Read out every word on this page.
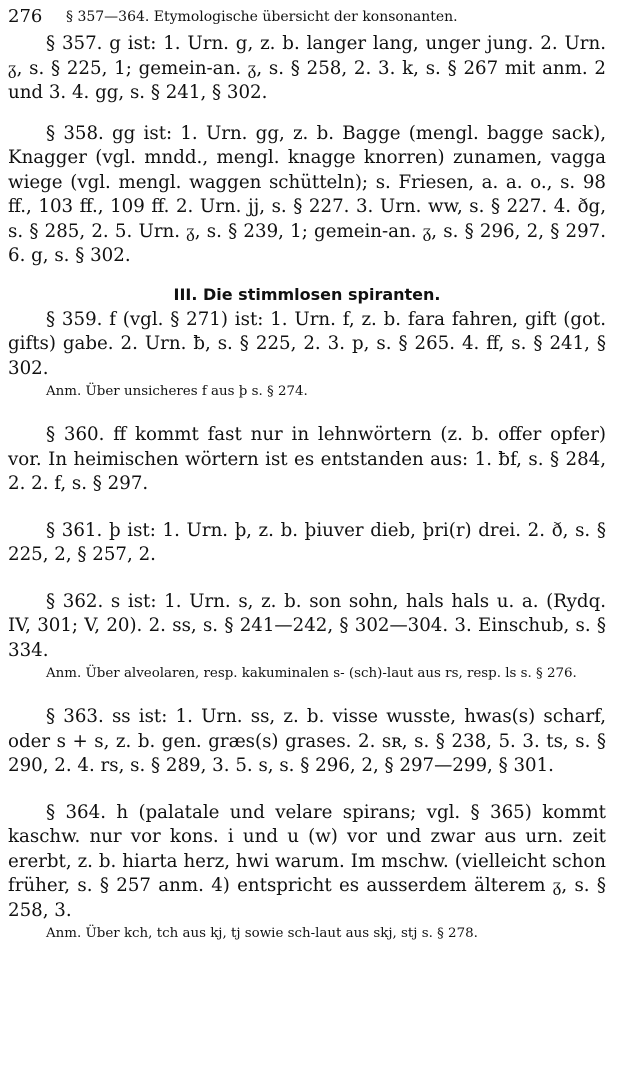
276 § 357—364. Etymologische übersicht der konsonanten.

§ 357. g ist: 1. Urn. g, z. b. langer lang, unger jung. 2. Urn. ᵹ, s. § 225, 1; gemein-an. ᵹ, s. § 258, 2. 3. k, s. § 267 mit anm. 2 und 3. 4. gg, s. § 241, § 302.

§ 358. gg ist: 1. Urn. gg, z. b. Bagge (mengl. bagge sack), Knagger (vgl. mndd., mengl. knagge knorren) zunamen, vagga wiege (vgl. mengl. waggen schütteln); s. Friesen, a. a. o., s. 98 ff., 103 ff., 109 ff. 2. Urn. jj, s. § 227. 3. Urn. ww, s. § 227. 4. ðg, s. § 285, 2. 5. Urn. ᵹ, s. § 239, 1; gemein-an. ᵹ, s. § 296, 2, § 297. 6. g, s. § 302.

III. Die stimmlosen spiranten.

§ 359. f (vgl. § 271) ist: 1. Urn. f, z. b. fara fahren, gift (got. gifts) gabe. 2. Urn. ƀ, s. § 225, 2. 3. p, s. § 265. 4. ff, s. § 241, § 302.

Anm. Über unsicheres f aus þ s. § 274.

§ 360. ff kommt fast nur in lehnwörtern (z. b. offer opfer) vor. In heimischen wörtern ist es entstanden aus: 1. ƀf, s. § 284, 2. 2. f, s. § 297.

§ 361. þ ist: 1. Urn. þ, z. b. þiuver dieb, þri(r) drei. 2. ð, s. § 225, 2, § 257, 2.

§ 362. s ist: 1. Urn. s, z. b. son sohn, hals hals u. a. (Rydq. IV, 301; V, 20). 2. ss, s. § 241—242, § 302—304. 3. Einschub, s. § 334.

Anm. Über alveolaren, resp. kakuminalen s- (sch)-laut aus rs, resp. ls s. § 276.

§ 363. ss ist: 1. Urn. ss, z. b. visse wusste, hwas(s) scharf, oder s + s, z. b. gen. græs(s) grases. 2. sʀ, s. § 238, 5. 3. ts, s. § 290, 2. 4. rs, s. § 289, 3. 5. s, s. § 296, 2, § 297—299, § 301.

§ 364. h (palatale und velare spirans; vgl. § 365) kommt kaschw. nur vor kons. i und u (w) vor und zwar aus urn. zeit ererbt, z. b. hiarta herz, hwi warum. Im mschw. (vielleicht schon früher, s. § 257 anm. 4) entspricht es ausserdem älterem ᵹ, s. § 258, 3.

Anm. Über kch, tch aus kj, tj sowie sch-laut aus skj, stj s. § 278.
